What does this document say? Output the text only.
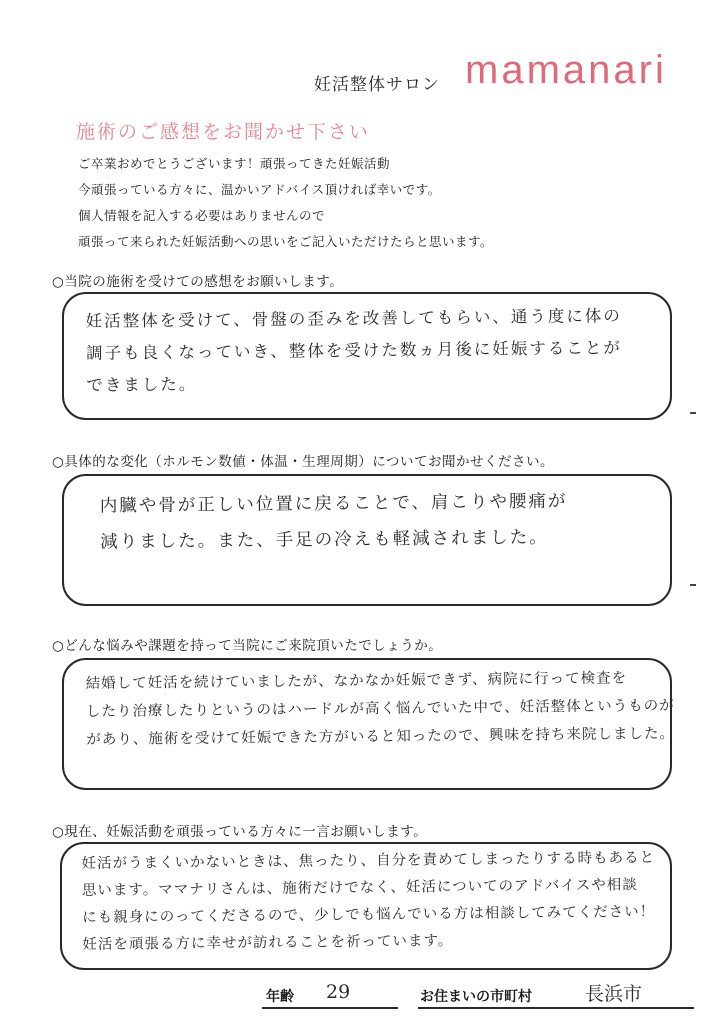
妊活整体サロン mamanari
施術のご感想をお聞かせ下さい
ご卒業おめでとうございます！頑張ってきた妊娠活動
今頑張っている方々に、温かいアドバイス頂ければ幸いです。
個人情報を記入する必要はありませんので
頑張って来られた妊娠活動への思いをご記入いただけたらと思います。
○当院の施術を受けての感想をお願いします。
妊活整体を受けて、骨盤の歪みを改善してもらい、通う度に体の
調子も良くなっていき、整体を受けた数ヵ月後に妊娠することが
できました。
○具体的な変化（ホルモン数値・体温・生理周期）についてお聞かせください。
内臓や骨が正しい位置に戻ることで、肩こりや腰痛が
減りました。また、手足の冷えも軽減されました。
○どんな悩みや課題を持って当院にご来院頂いたでしょうか。
結婚して妊活を続けていましたが、なかなか妊娠できず、病院に行って検査を
したり治療したりというのはハードルが高く悩んでいた中で、妊活整体というものが
があり、施術を受けて妊娠できた方がいると知ったので、興味を持ち来院しました。
○現在、妊娠活動を頑張っている方々に一言お願いします。
妊活がうまくいかないときは、焦ったり、自分を責めてしまったりする時もあると
思います。ママナリさんは、施術だけでなく、妊活についてのアドバイスや相談
にも親身にのってくださるので、少しでも悩んでいる方は相談してみてください！
妊活を頑張る方に幸せが訪れることを祈っています。
年齢 29	お住まいの市町村	長浜市
